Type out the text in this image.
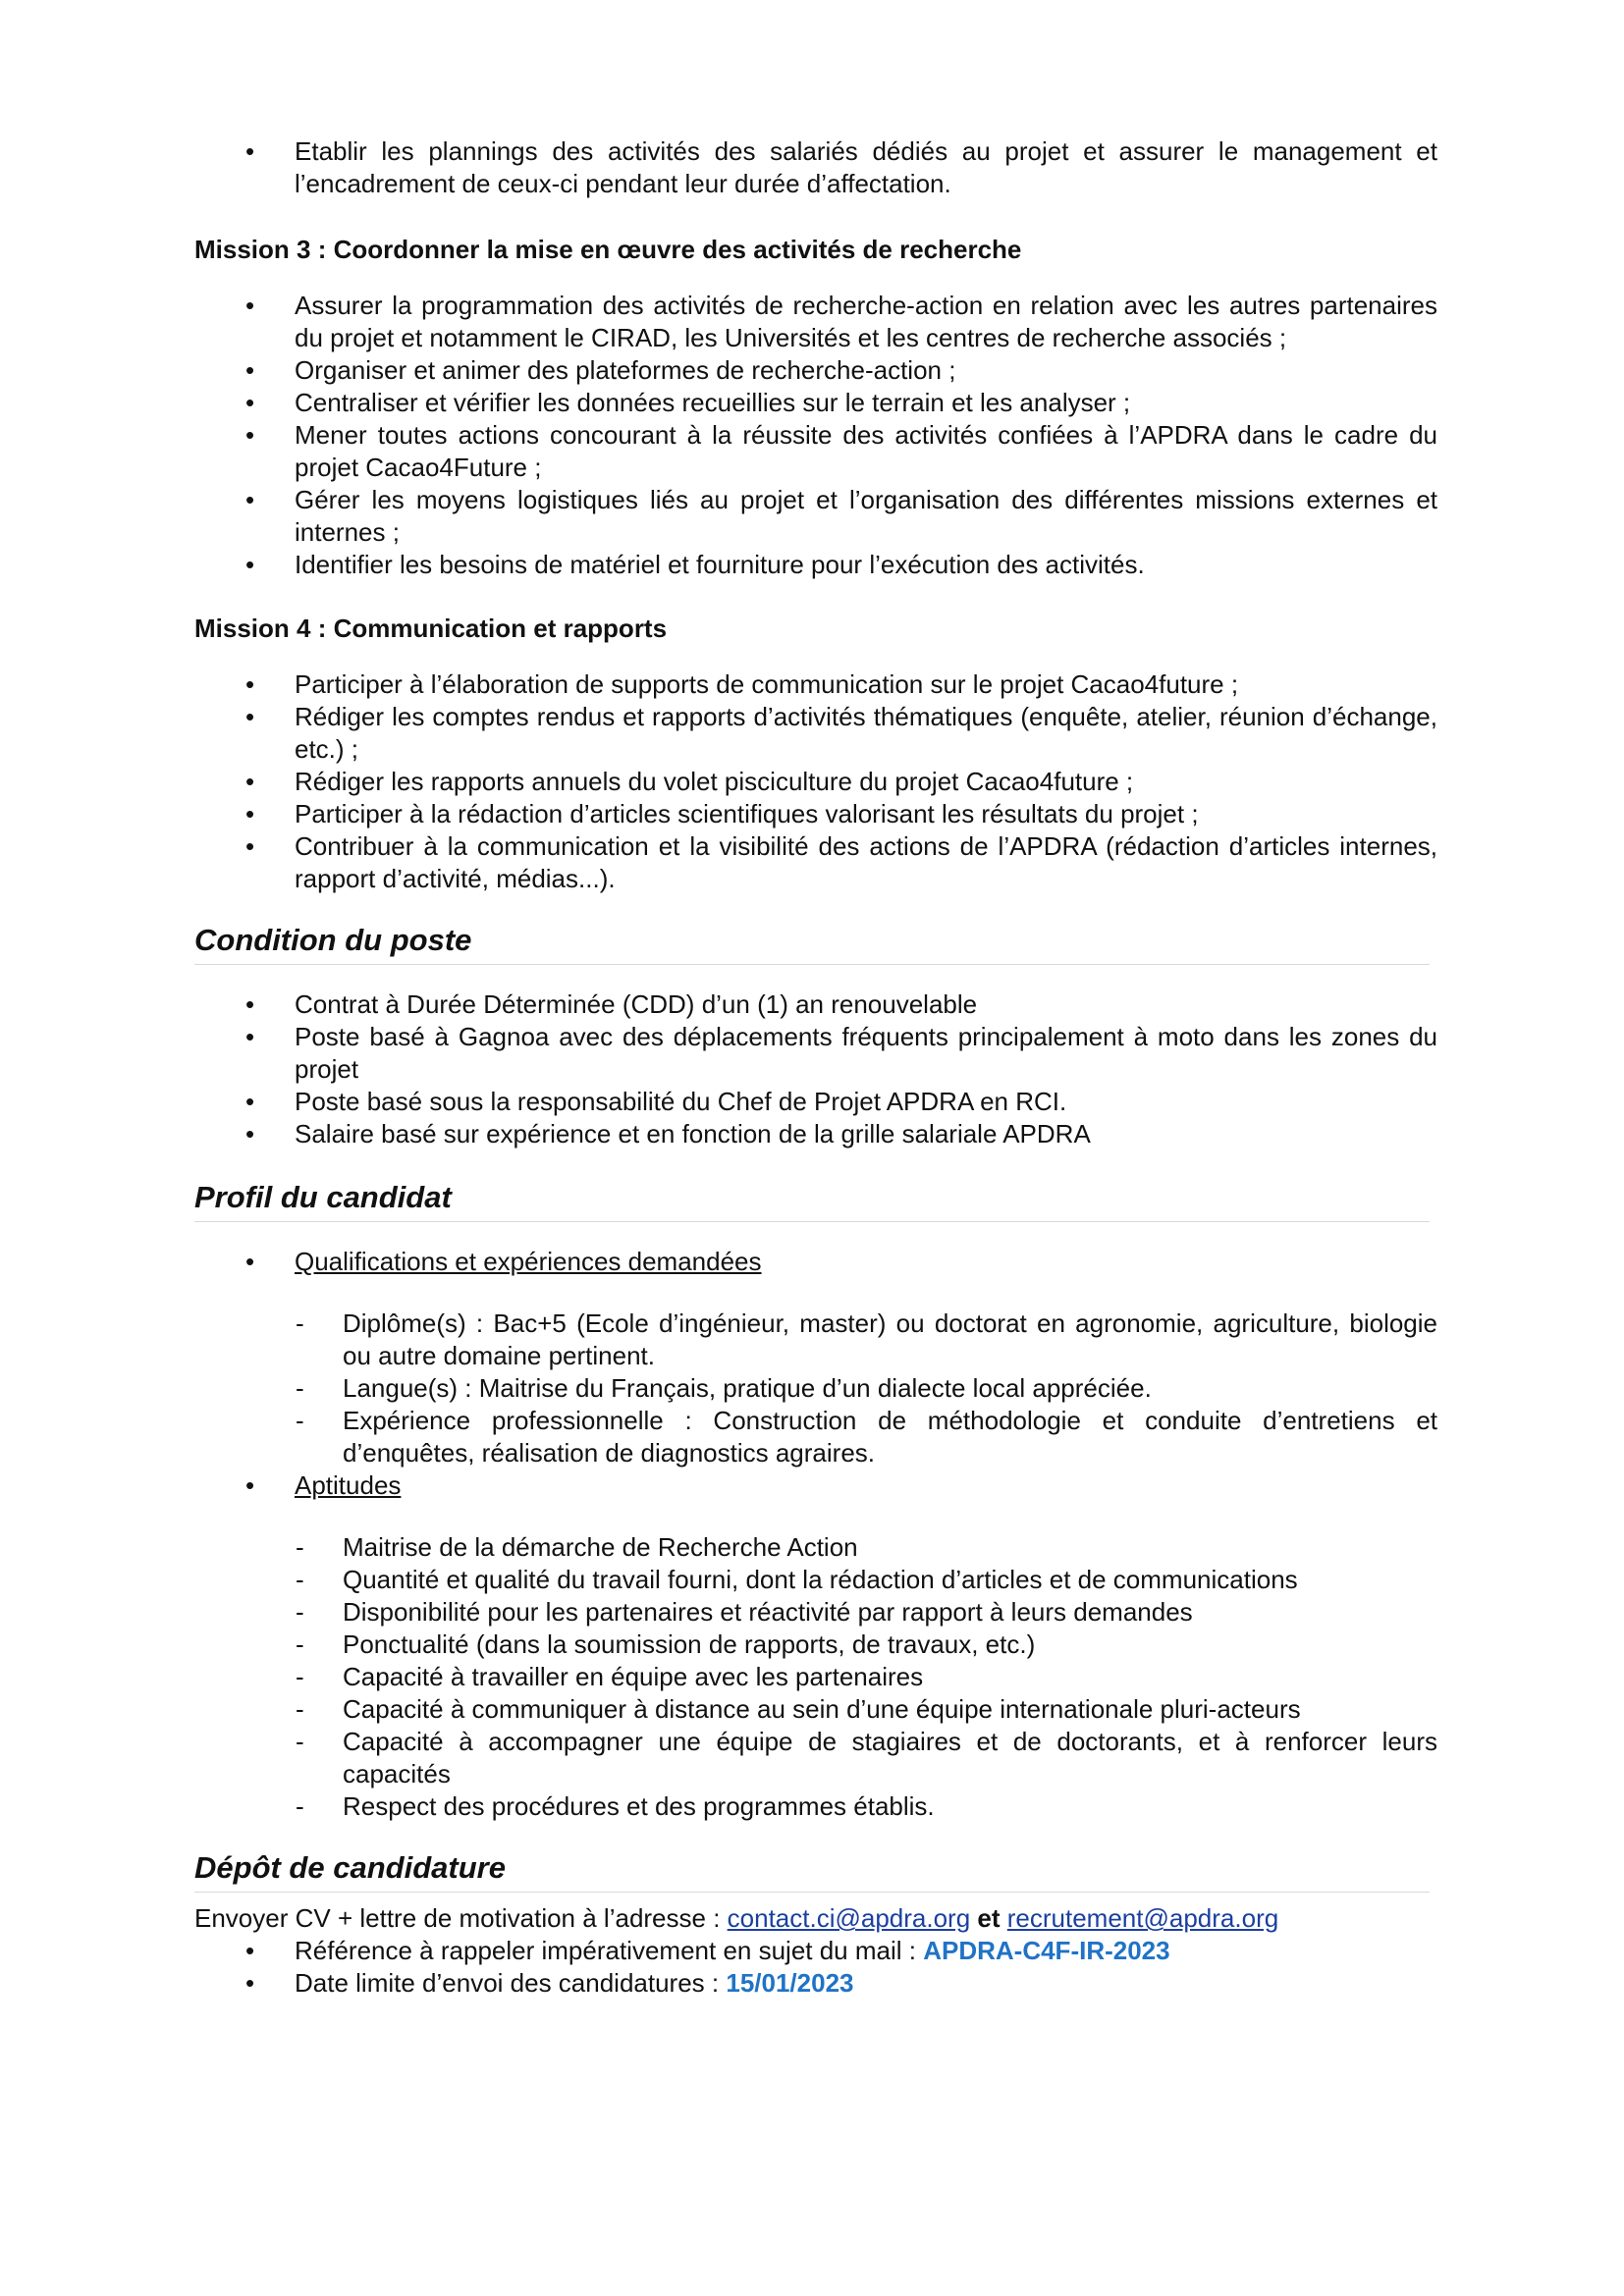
• Etablir les plannings des activités des salariés dédiés au projet et assurer le management et l’encadrement de ceux-ci pendant leur durée d’affectation.

Mission 3 : Coordonner la mise en œuvre des activités de recherche

• Assurer la programmation des activités de recherche-action en relation avec les autres partenaires du projet et notamment le CIRAD, les Universités et les centres de recherche associés ;
• Organiser et animer des plateformes de recherche-action ;
• Centraliser et vérifier les données recueillies sur le terrain et les analyser ;
• Mener toutes actions concourant à la réussite des activités confiées à l’APDRA dans le cadre du projet Cacao4Future ;
• Gérer les moyens logistiques liés au projet et l’organisation des différentes missions externes et internes ;
• Identifier les besoins de matériel et fourniture pour l’exécution des activités.

Mission 4 : Communication et rapports

• Participer à l’élaboration de supports de communication sur le projet Cacao4future ;
• Rédiger les comptes rendus et rapports d’activités thématiques (enquête, atelier, réunion d’échange, etc.) ;
• Rédiger les rapports annuels du volet pisciculture du projet Cacao4future ;
• Participer à la rédaction d’articles scientifiques valorisant les résultats du projet ;
• Contribuer à la communication et la visibilité des actions de l’APDRA (rédaction d’articles internes, rapport d’activité, médias...).
Condition du poste
• Contrat à Durée Déterminée (CDD) d’un (1) an renouvelable
• Poste basé à Gagnoa avec des déplacements fréquents principalement à moto dans les zones du projet
• Poste basé sous la responsabilité du Chef de Projet APDRA en RCI.
• Salaire basé sur expérience et en fonction de la grille salariale APDRA
Profil du candidat
• Qualifications et expériences demandées
- Diplôme(s) : Bac+5 (Ecole d’ingénieur, master) ou doctorat en agronomie, agriculture, biologie ou autre domaine pertinent.
- Langue(s) : Maitrise du Français, pratique d’un dialecte local appréciée.
- Expérience professionnelle : Construction de méthodologie et conduite d’entretiens et d’enquêtes, réalisation de diagnostics agraires.
• Aptitudes
- Maitrise de la démarche de Recherche Action
- Quantité et qualité du travail fourni, dont la rédaction d’articles et de communications
- Disponibilité pour les partenaires et réactivité par rapport à leurs demandes
- Ponctualité (dans la soumission de rapports, de travaux, etc.)
- Capacité à travailler en équipe avec les partenaires
- Capacité à communiquer à distance au sein d’une équipe internationale pluri-acteurs
- Capacité à accompagner une équipe de stagiaires et de doctorants, et à renforcer leurs capacités
- Respect des procédures et des programmes établis.
Dépôt de candidature

Envoyer CV + lettre de motivation à l’adresse : contact.ci@apdra.org et recrutement@apdra.org

• Référence à rappeler impérativement en sujet du mail : APDRA-C4F-IR-2023
• Date limite d’envoi des candidatures : 15/01/2023
